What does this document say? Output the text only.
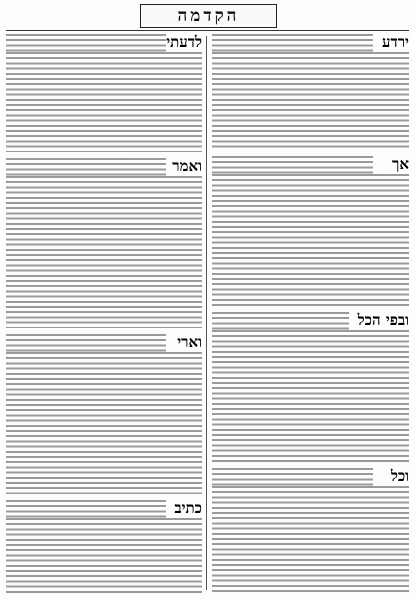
הקדמה
ירדע
אך
ובפי הכל
וכל
לדעתי
ואמר
וארי
כתיב
